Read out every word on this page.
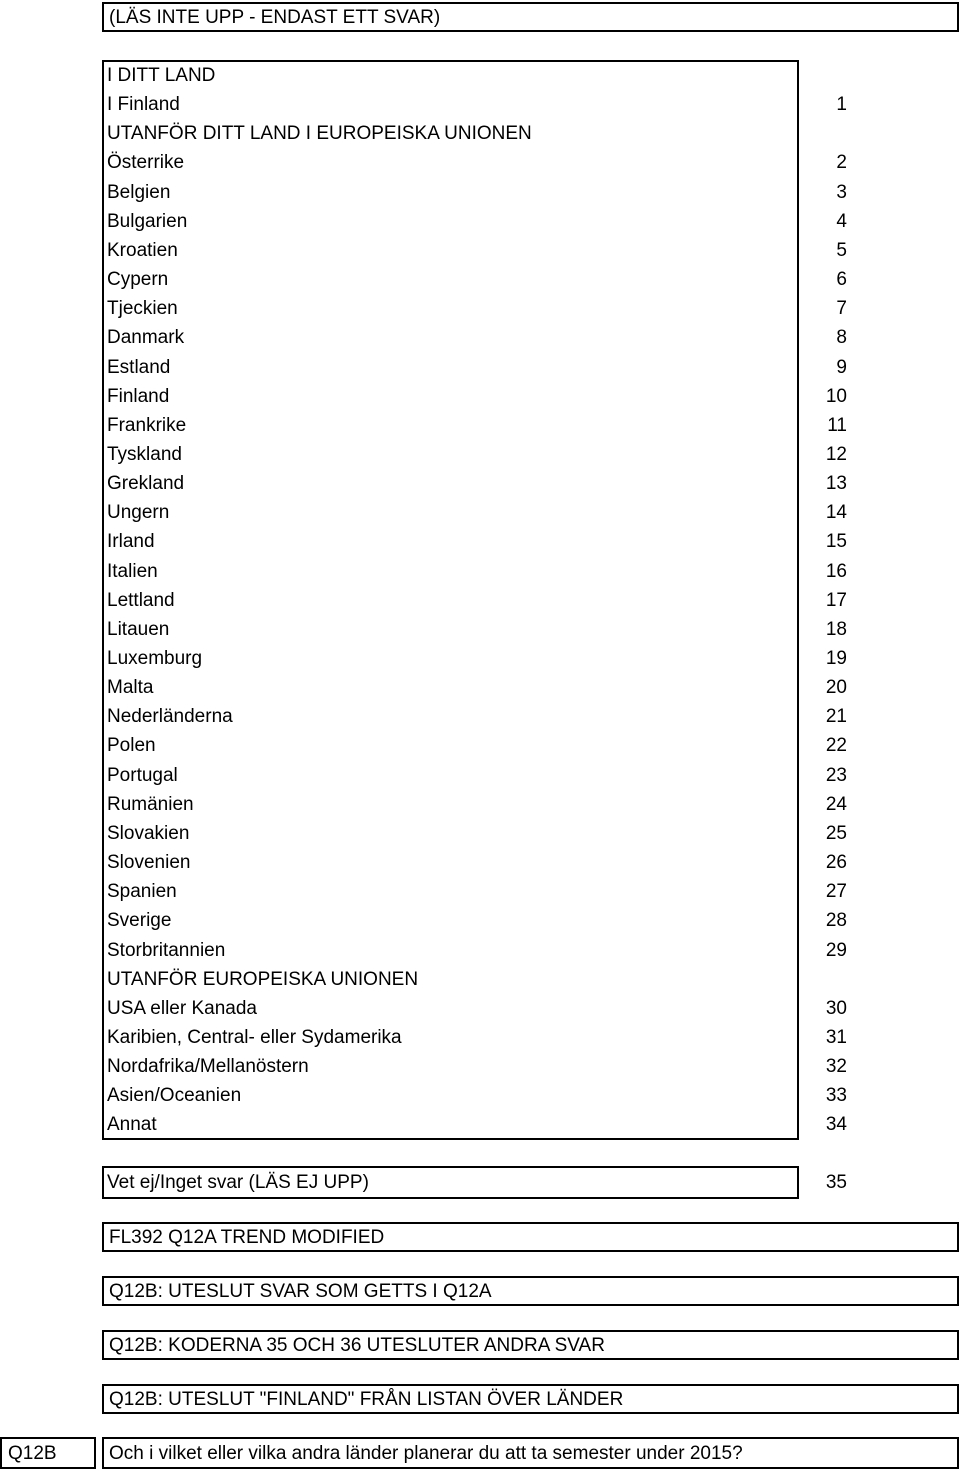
(LÄS INTE UPP - ENDAST ETT SVAR)
I DITT LAND
I Finland	1
UTANFÖR DITT LAND I EUROPEISKA UNIONEN
Österrike	2
Belgien	3
Bulgarien	4
Kroatien	5
Cypern	6
Tjeckien	7
Danmark	8
Estland	9
Finland	10
Frankrike	11
Tyskland	12
Grekland	13
Ungern	14
Irland	15
Italien	16
Lettland	17
Litauen	18
Luxemburg	19
Malta	20
Nederländerna	21
Polen	22
Portugal	23
Rumänien	24
Slovakien	25
Slovenien	26
Spanien	27
Sverige	28
Storbritannien	29
UTANFÖR EUROPEISKA UNIONEN
USA eller Kanada	30
Karibien, Central- eller Sydamerika	31
Nordafrika/Mellanöstern	32
Asien/Oceanien	33
Annat	34
Vet ej/Inget svar (LÄS EJ UPP)	35
FL392 Q12A TREND MODIFIED
Q12B: UTESLUT SVAR SOM GETTS I Q12A
Q12B: KODERNA 35 OCH 36 UTESLUTER ANDRA SVAR
Q12B: UTESLUT "FINLAND" FRÅN LISTAN ÖVER LÄNDER
Q12B	Och i vilket eller vilka andra länder planerar du att ta semester under 2015?
